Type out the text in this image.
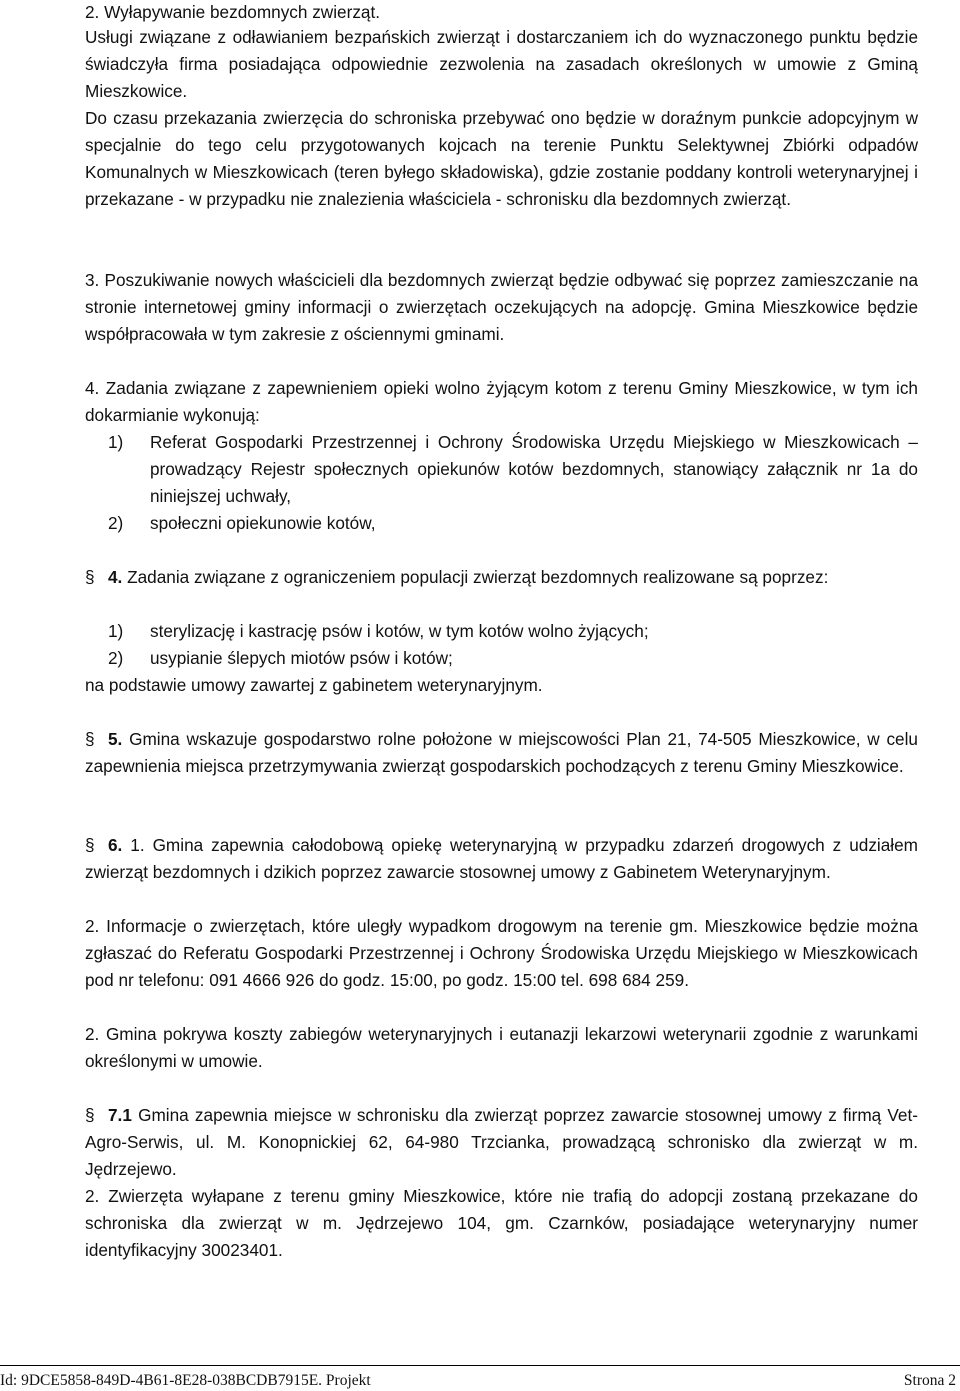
2. Wyłapywanie bezdomnych zwierząt.

Usługi związane z odławianiem bezpańskich zwierząt i dostarczaniem ich do wyznaczonego punktu będzie świadczyła firma posiadająca odpowiednie zezwolenia na zasadach określonych w umowie z Gminą Mieszkowice.

Do czasu przekazania zwierzęcia do schroniska przebywać ono będzie w doraźnym punkcie adopcyjnym w specjalnie do tego celu przygotowanych kojcach na terenie Punktu Selektywnej Zbiórki odpadów Komunalnych w Mieszkowicach (teren byłego składowiska), gdzie zostanie poddany kontroli weterynaryjnej i przekazane - w przypadku nie znalezienia właściciela - schronisku dla bezdomnych zwierząt.

3. Poszukiwanie nowych właścicieli dla bezdomnych zwierząt będzie odbywać się poprzez zamieszczanie na stronie internetowej gminy informacji o zwierzętach oczekujących na adopcję. Gmina Mieszkowice będzie współpracowała w tym zakresie z ościennymi gminami.

4. Zadania związane z zapewnieniem opieki wolno żyjącym kotom z terenu Gminy Mieszkowice, w tym ich dokarmianie wykonują:

1) Referat Gospodarki Przestrzennej i Ochrony Środowiska Urzędu Miejskiego w Mieszkowicach – prowadzący Rejestr społecznych opiekunów kotów bezdomnych, stanowiący załącznik nr 1a do niniejszej uchwały,
2) społeczni opiekunowie kotów,
§ 4. Zadania związane z ograniczeniem populacji zwierząt bezdomnych realizowane są poprzez:
1) sterylizację i kastrację psów i kotów, w tym kotów wolno żyjących;
2) usypianie ślepych miotów psów i kotów;

na podstawie umowy zawartej z gabinetem weterynaryjnym.

§ 5. Gmina wskazuje gospodarstwo rolne położone w miejscowości Plan 21, 74-505 Mieszkowice, w celu zapewnienia miejsca przetrzymywania zwierząt gospodarskich pochodzących z terenu Gminy Mieszkowice.
§ 6. 1. Gmina zapewnia całodobową opiekę weterynaryjną w przypadku zdarzeń drogowych z udziałem zwierząt bezdomnych i dzikich poprzez zawarcie stosownej umowy z Gabinetem Weterynaryjnym.

2. Informacje o zwierzętach, które uległy wypadkom drogowym na terenie gm. Mieszkowice będzie można zgłaszać do Referatu Gospodarki Przestrzennej i Ochrony Środowiska Urzędu Miejskiego w Mieszkowicach pod nr telefonu: 091 4666 926 do godz. 15:00, po godz. 15:00 tel. 698 684 259.

2. Gmina pokrywa koszty zabiegów weterynaryjnych i eutanazji lekarzowi weterynarii zgodnie z warunkami określonymi w umowie.

§ 7.1 Gmina zapewnia miejsce w schronisku dla zwierząt poprzez zawarcie stosownej umowy z firmą Vet-Agro-Serwis, ul. M. Konopnickiej 62, 64-980 Trzcianka, prowadzącą schronisko dla zwierząt w m. Jędrzejewo.

2. Zwierzęta wyłapane z terenu gminy Mieszkowice, które nie trafią do adopcji zostaną przekazane do schroniska dla zwierząt w m. Jędrzejewo 104, gm. Czarnków, posiadające weterynaryjny numer identyfikacyjny 30023401.

Id: 9DCE5858-849D-4B61-8E28-038BCDB7915E. Projekt	Strona 2
